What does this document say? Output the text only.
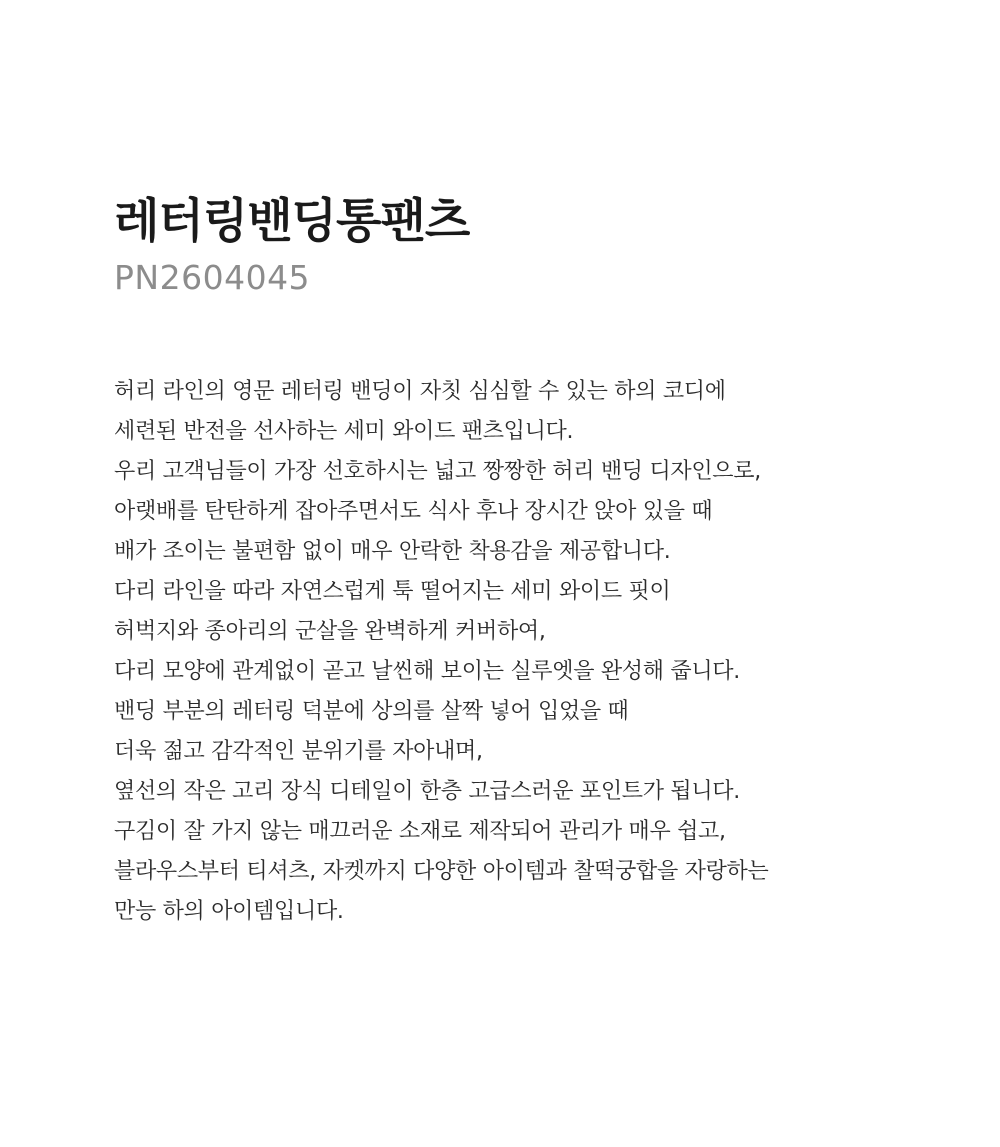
레터링밴딩통팬츠

PN2604045

허리 라인의 영문 레터링 밴딩이 자칫 심심할 수 있는 하의 코디에
세련된 반전을 선사하는 세미 와이드 팬츠입니다.
우리 고객님들이 가장 선호하시는 넓고 짱짱한 허리 밴딩 디자인으로,
아랫배를 탄탄하게 잡아주면서도 식사 후나 장시간 앉아 있을 때
배가 조이는 불편함 없이 매우 안락한 착용감을 제공합니다.
다리 라인을 따라 자연스럽게 툭 떨어지는 세미 와이드 핏이
허벅지와 종아리의 군살을 완벽하게 커버하여,
다리 모양에 관계없이 곧고 날씬해 보이는 실루엣을 완성해 줍니다.
밴딩 부분의 레터링 덕분에 상의를 살짝 넣어 입었을 때
더욱 젊고 감각적인 분위기를 자아내며,
옆선의 작은 고리 장식 디테일이 한층 고급스러운 포인트가 됩니다.
구김이 잘 가지 않는 매끄러운 소재로 제작되어 관리가 매우 쉽고,
블라우스부터 티셔츠, 자켓까지 다양한 아이템과 찰떡궁합을 자랑하는
만능 하의 아이템입니다.
